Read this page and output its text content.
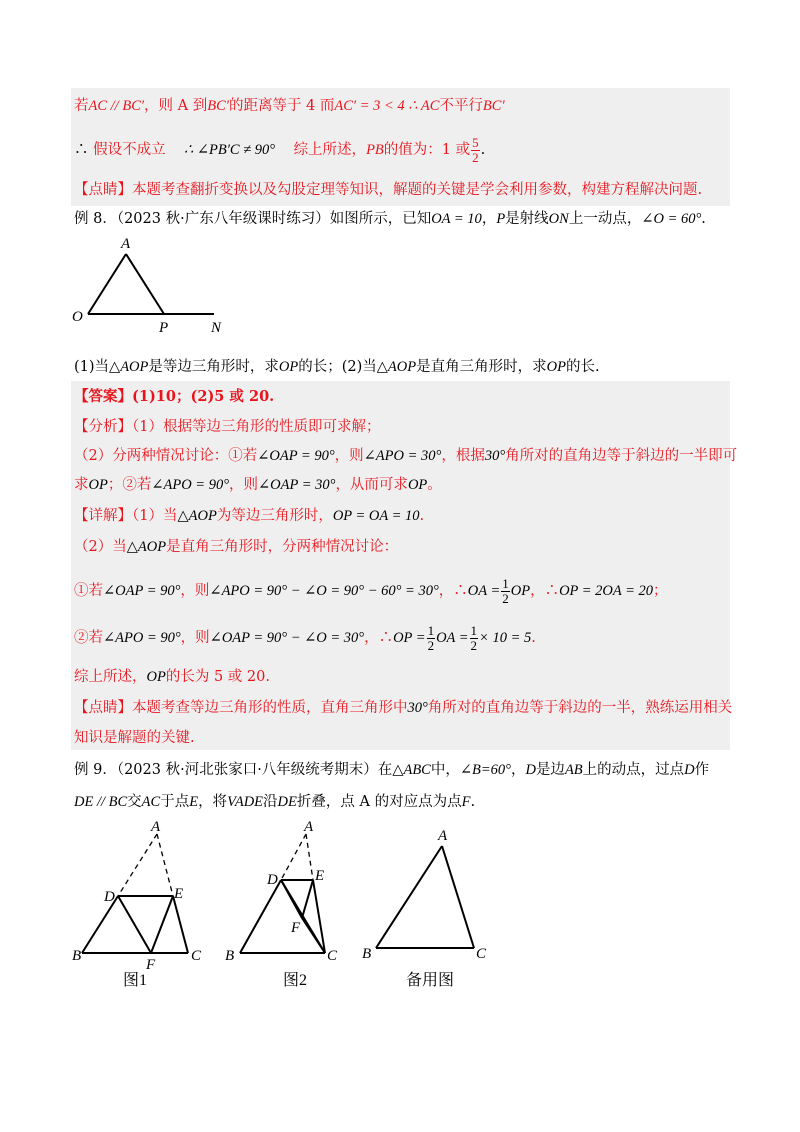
若AC // BC′，则 A 到BC′的距离等于 4 而AC′ = 3 < 4 ∴ AC不平行BC′
∴ 假设不成立 ∴ ∠PB′C ≠ 90° 综上所述，PB的值为：1 或 $\frac{5}{2}$ .
【点睛】本题考查翻折变换以及勾股定理等知识，解题的关键是学会利用参数，构建方程解决问题.
例 8．（2023 秋·广东八年级课时练习）如图所示，已知OA = 10，P是射线ON上一动点，∠O = 60°.
A
O
P	N
(1)当△AOP是等边三角形时，求OP的长；(2)当△AOP是直角三角形时，求OP的长.
【答案】(1)10；(2)5 或 20.
【分析】（1）根据等边三角形的性质即可求解；
（2）分两种情况讨论：①若∠OAP = 90°，则∠APO = 30°，根据30°角所对的直角边等于斜边的一半即可
求OP；②若∠APO = 90°，则∠OAP = 30°，从而可求OP。
【详解】（1）当△AOP为等边三角形时，OP = OA = 10.
（2）当△AOP是直角三角形时，分两种情况讨论：
①若∠OAP = 90°，则∠APO = 90° − ∠O = 90° − 60° = 30°，∴OA = $\frac{1}{2}$ OP，∴OP = 2OA = 20；
②若∠APO = 90°，则∠OAP = 90° − ∠O = 30°，∴OP = $\frac{1}{2}$ OA = $\frac{1}{2} \times 10 = 5$.
综上所述，OP的长为 5 或 20.
【点睛】本题考查等边三角形的性质，直角三角形中30°角所对的直角边等于斜边的一半，熟练运用相关
知识是解题的关键.
例 9．（2023 秋·河北张家口·八年级统考期末）在△ABC中，∠B=60°，D是边AB上的动点，过点D作
DE // BC交AC于点E，将VADE沿DE折叠，点 A 的对应点为点F.
A
D	E
B	C
F
图1
A
D E
F
B	C
图2
A
B	C
备用图
